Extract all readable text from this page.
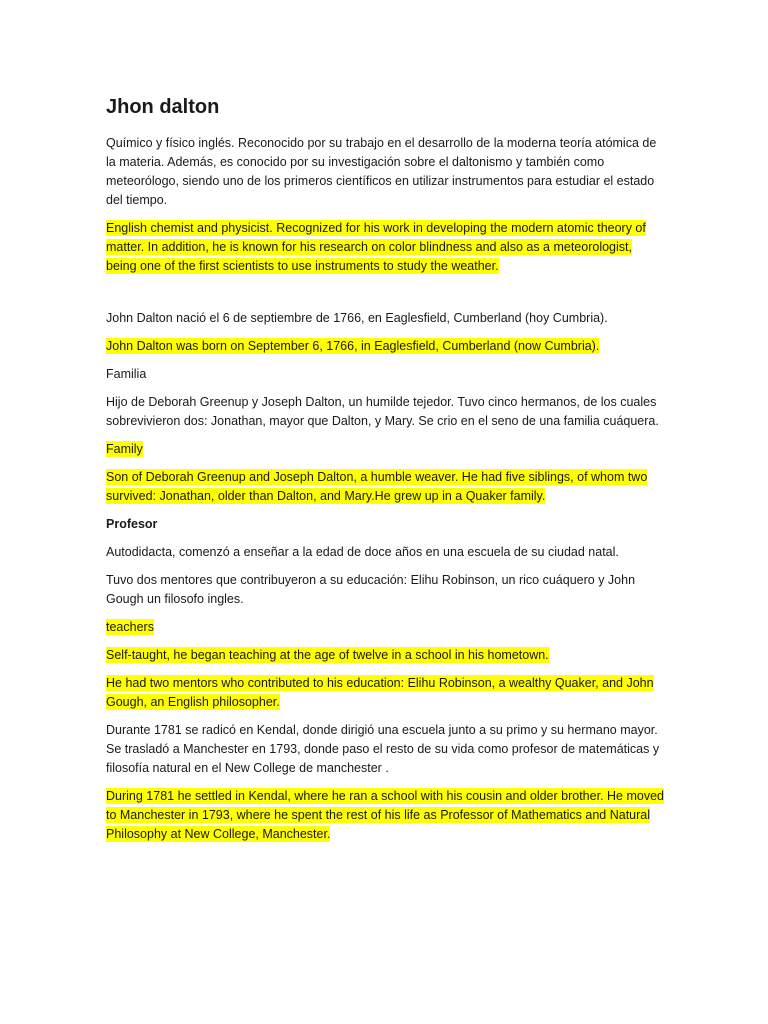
Jhon dalton

Químico y físico inglés. Reconocido por su trabajo en el desarrollo de la moderna teoría atómica de la materia. Además, es conocido por su investigación sobre el daltonismo y también como meteorólogo, siendo uno de los primeros científicos en utilizar instrumentos para estudiar el estado del tiempo.

English chemist and physicist. Recognized for his work in developing the modern atomic theory of matter. In addition, he is known for his research on color blindness and also as a meteorologist, being one of the first scientists to use instruments to study the weather.

John Dalton nació el 6 de septiembre de 1766, en Eaglesfield, Cumberland (hoy Cumbria).

John Dalton was born on September 6, 1766, in Eaglesfield, Cumberland (now Cumbria).

Familia

Hijo de Deborah Greenup y Joseph Dalton, un humilde tejedor. Tuvo cinco hermanos, de los cuales sobrevivieron dos: Jonathan, mayor que Dalton, y Mary. Se crio en el seno de una familia cuáquera.

Family

Son of Deborah Greenup and Joseph Dalton, a humble weaver. He had five siblings, of whom two survived: Jonathan, older than Dalton, and Mary.He grew up in a Quaker family.

Profesor

Autodidacta, comenzó a enseñar a la edad de doce años en una escuela de su ciudad natal.

Tuvo dos mentores que contribuyeron a su educación: Elihu Robinson, un rico cuáquero y John Gough un filosofo ingles.

teachers

Self-taught, he began teaching at the age of twelve in a school in his hometown.

He had two mentors who contributed to his education: Elihu Robinson, a wealthy Quaker, and John Gough, an English philosopher.

Durante 1781 se radicó en Kendal, donde dirigió una escuela junto a su primo y su hermano mayor. Se trasladó a Manchester en 1793, donde paso el resto de su vida como profesor de matemáticas y filosofía natural en el New College de manchester .

During 1781 he settled in Kendal, where he ran a school with his cousin and older brother. He moved to Manchester in 1793, where he spent the rest of his life as Professor of Mathematics and Natural Philosophy at New College, Manchester.
